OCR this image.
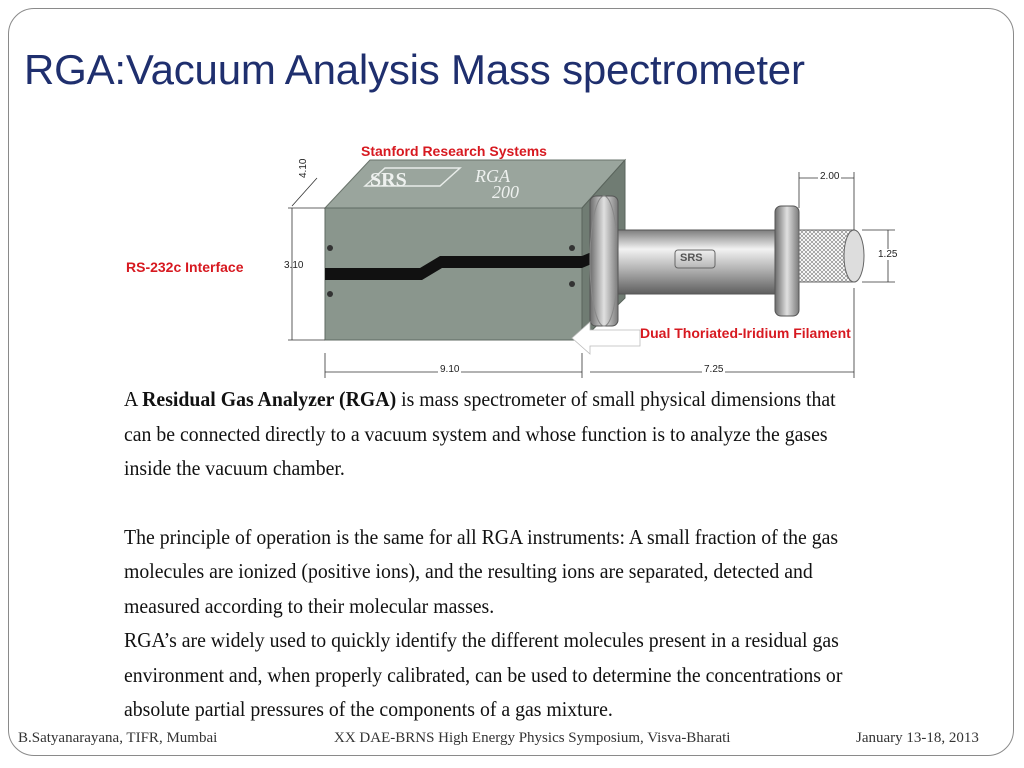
RGA:Vacuum Analysis Mass spectrometer
Stanford Research Systems
RS-232c Interface
Dual Thoriated-Iridium Filament
SRS	RGA
200
SRS
4.10
3.10
9.10	7.25
2.00
1.25

A Residual Gas Analyzer (RGA) is mass spectrometer of small physical dimensions that can be connected directly to a vacuum system and whose function is to analyze the gases inside the vacuum chamber.

The principle of operation is the same for all RGA instruments: A small fraction of the gas molecules are ionized (positive ions), and the resulting ions are separated, detected and measured according to their molecular masses.

RGA’s are widely used to quickly identify the different molecules present in a residual gas environment and, when properly calibrated, can be used to determine the concentrations or absolute partial pressures of the components of a gas mixture.

B.Satyanarayana, TIFR, Mumbai	XX DAE-BRNS High Energy Physics Symposium, Visva-Bharati	January 13-18, 2013
